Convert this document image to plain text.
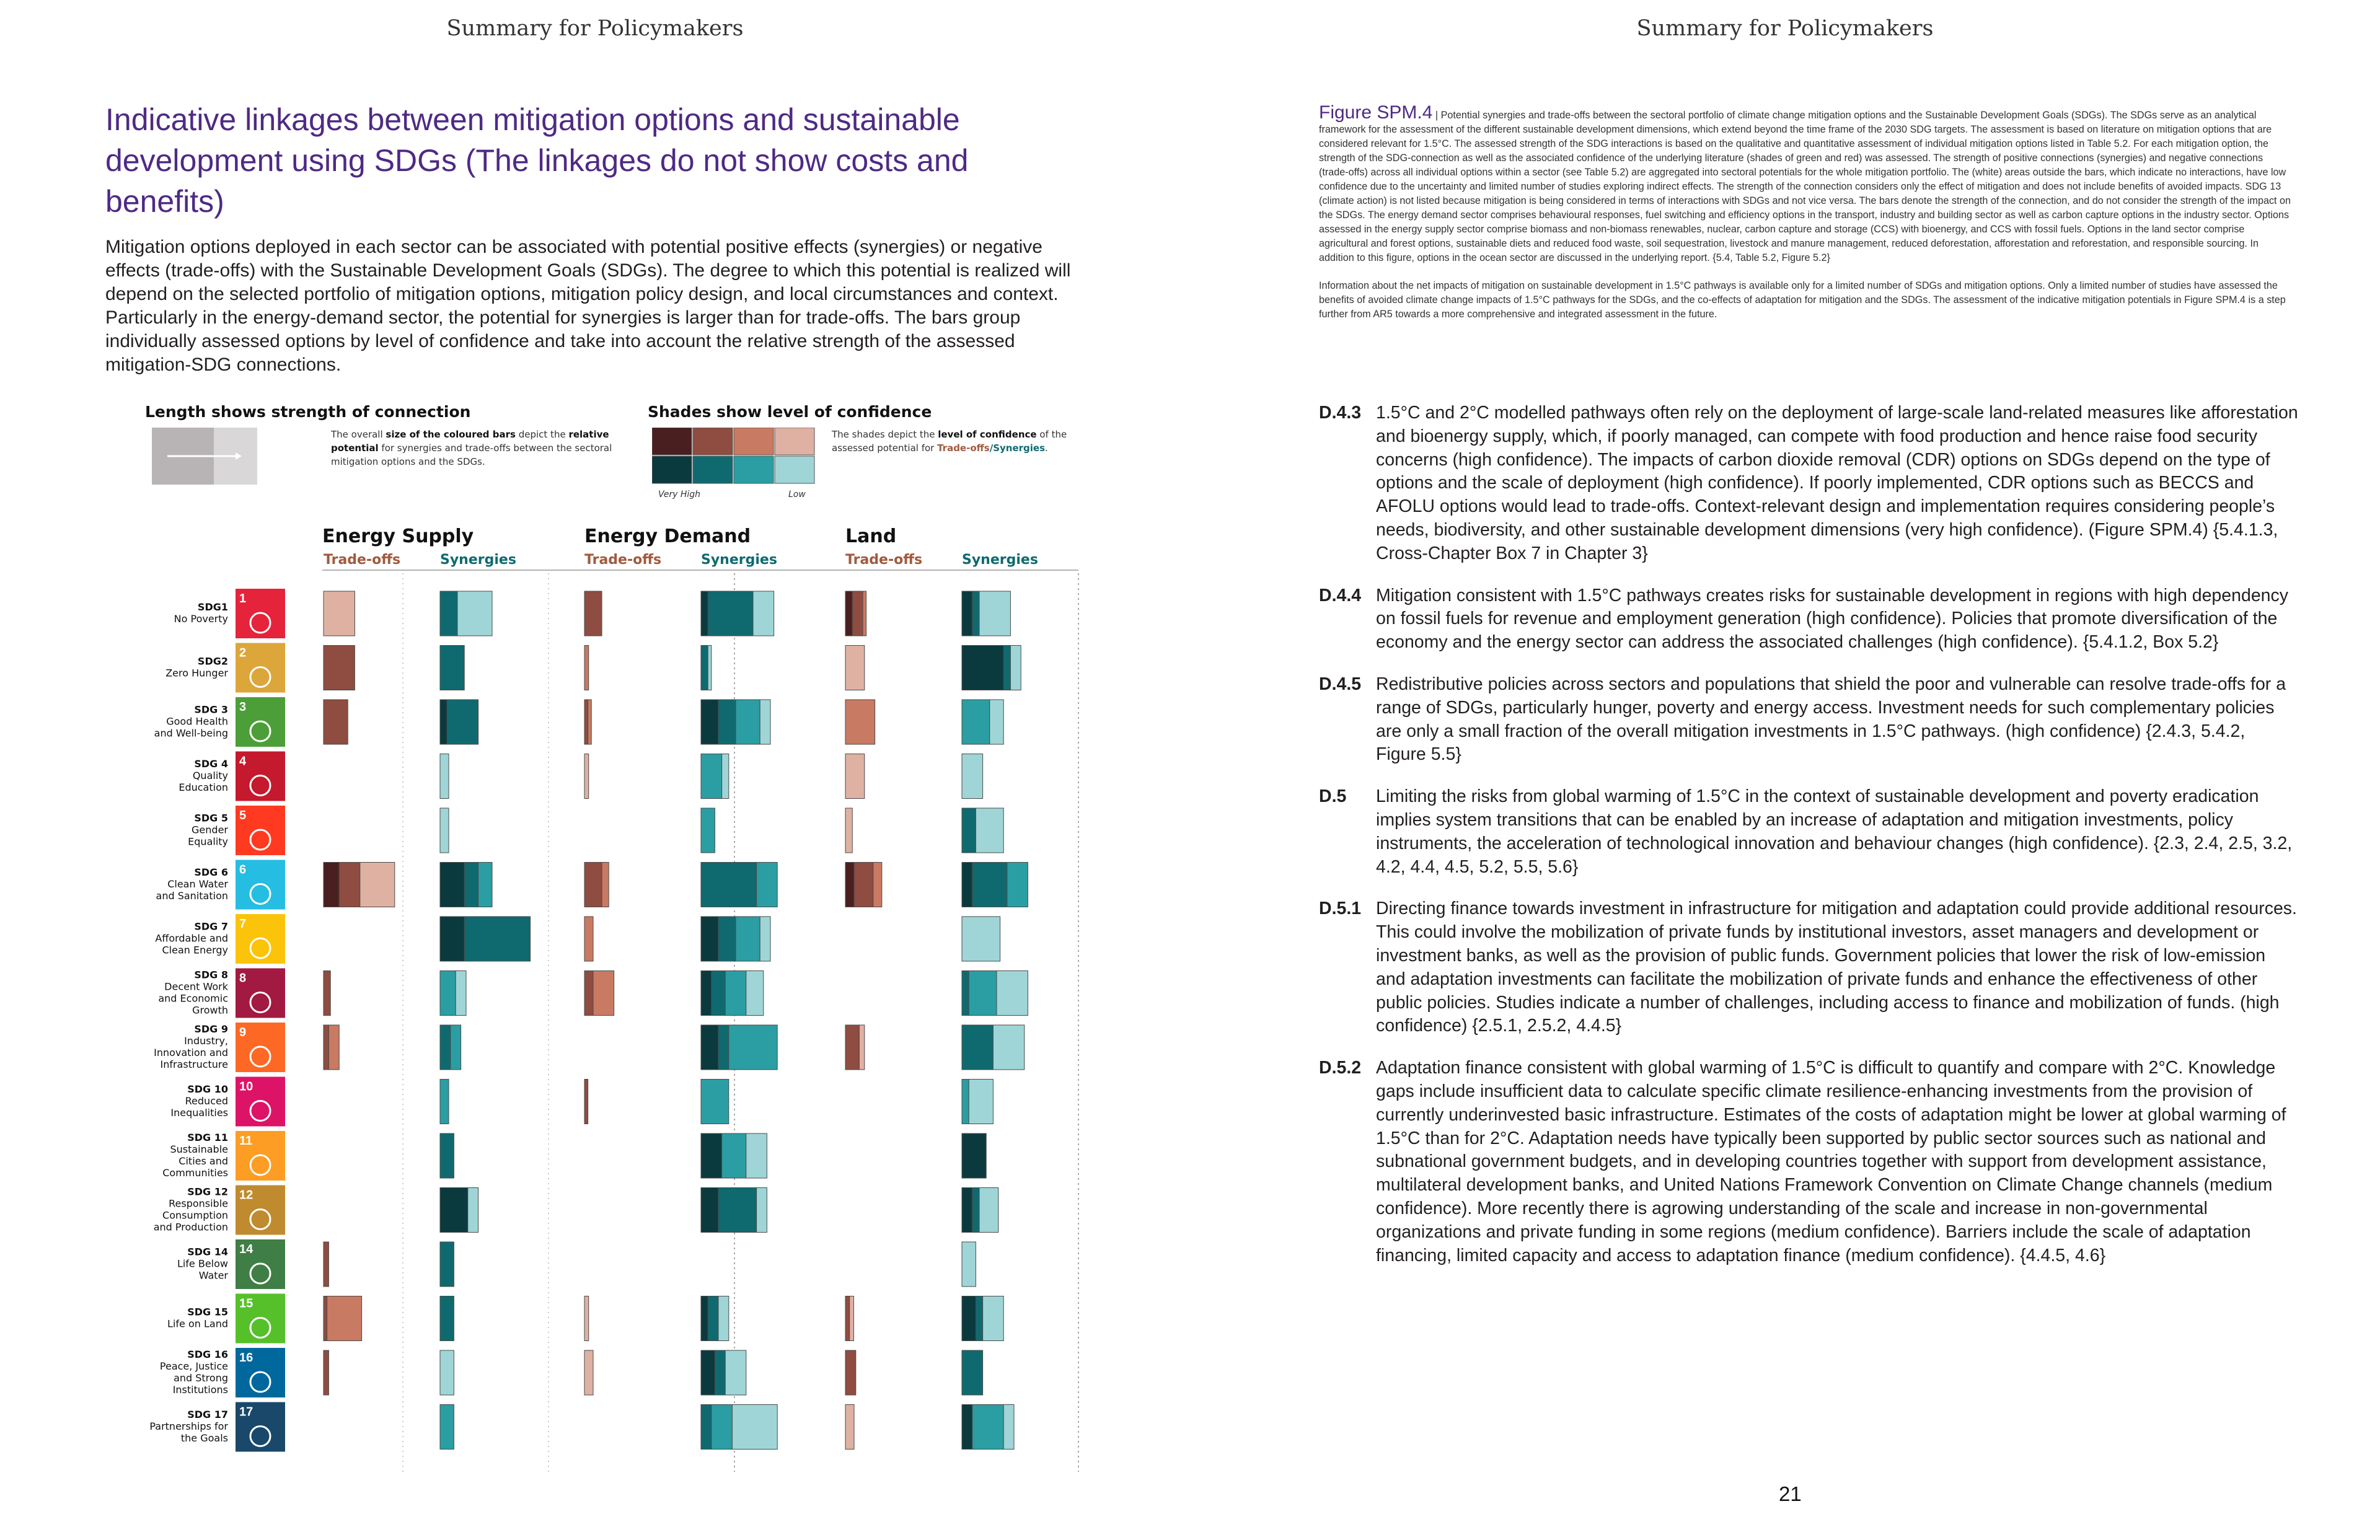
Summary for Policymakers
Indicative linkages between mitigation options and sustainable development using SDGs (The linkages do not show costs and benefits)

Mitigation options deployed in each sector can be associated with potential positive effects (synergies) or negative effects (trade-offs) with the Sustainable Development Goals (SDGs). The degree to which this potential is realized will depend on the selected portfolio of mitigation options, mitigation policy design, and local circumstances and context. Particularly in the energy-demand sector, the potential for synergies is larger than for trade-offs. The bars group individually assessed options by level of confidence and take into account the relative strength of the assessed mitigation-SDG connections.

Length shows strength of connection
The overall size of the coloured bars depict the relative potential for synergies and trade-offs between the sectoral mitigation options and the SDGs.
Shades show level of confidence
The shades depict the level of confidence of the assessed potential for Trade-offs/Synergies.
Very High	Low
Energy Supply
Trade-offs	Synergies
Energy Demand
Trade-offs	Synergies
Land
Trade-offs	Synergies
1
SDG1
No Poverty
2
SDG2
Zero Hunger
3
SDG 3
Good Health
and Well-being
4
SDG 4
Quality
Education
5
SDG 5
Gender
Equality
6
SDG 6
Clean Water
and Sanitation
7
SDG 7
Affordable and
Clean Energy
8
SDG 8
Decent Work
and Economic
Growth
9
SDG 9
Industry,
Innovation and
Infrastructure
10
SDG 10
Reduced
Inequalities
11
SDG 11
Sustainable
Cities and
Communities
12
SDG 12
Responsible
Consumption
and Production
14
SDG 14
Life Below
Water
15
SDG 15
Life on Land
16
SDG 16
Peace, Justice
and Strong
Institutions
17
SDG 17
Partnerships for
the Goals
Summary for Policymakers

Figure SPM.4 | Potential synergies and trade-offs between the sectoral portfolio of climate change mitigation options and the Sustainable Development Goals (SDGs). The SDGs serve as an analytical framework for the assessment of the different sustainable development dimensions, which extend beyond the time frame of the 2030 SDG targets. The assessment is based on literature on mitigation options that are considered relevant for 1.5°C. The assessed strength of the SDG interactions is based on the qualitative and quantitative assessment of individual mitigation options listed in Table 5.2. For each mitigation option, the strength of the SDG-connection as well as the associated confidence of the underlying literature (shades of green and red) was assessed. The strength of positive connections (synergies) and negative connections (trade-offs) across all individual options within a sector (see Table 5.2) are aggregated into sectoral potentials for the whole mitigation portfolio. The (white) areas outside the bars, which indicate no interactions, have low confidence due to the uncertainty and limited number of studies exploring indirect effects. The strength of the connection considers only the effect of mitigation and does not include benefits of avoided impacts. SDG 13 (climate action) is not listed because mitigation is being considered in terms of interactions with SDGs and not vice versa. The bars denote the strength of the connection, and do not consider the strength of the impact on the SDGs. The energy demand sector comprises behavioural responses, fuel switching and efficiency options in the transport, industry and building sector as well as carbon capture options in the industry sector. Options assessed in the energy supply sector comprise biomass and non-biomass renewables, nuclear, carbon capture and storage (CCS) with bioenergy, and CCS with fossil fuels. Options in the land sector comprise agricultural and forest options, sustainable diets and reduced food waste, soil sequestration, livestock and manure management, reduced deforestation, afforestation and reforestation, and responsible sourcing. In addition to this figure, options in the ocean sector are discussed in the underlying report. {5.4, Table 5.2, Figure 5.2}

Information about the net impacts of mitigation on sustainable development in 1.5°C pathways is available only for a limited number of SDGs and mitigation options. Only a limited number of studies have assessed the benefits of avoided climate change impacts of 1.5°C pathways for the SDGs, and the co-effects of adaptation for mitigation and the SDGs. The assessment of the indicative mitigation potentials in Figure SPM.4 is a step further from AR5 towards a more comprehensive and integrated assessment in the future.

D.4.3 1.5°C and 2°C modelled pathways often rely on the deployment of large-scale land-related measures like afforestation and bioenergy supply, which, if poorly managed, can compete with food production and hence raise food security concerns (high confidence). The impacts of carbon dioxide removal (CDR) options on SDGs depend on the type of options and the scale of deployment (high confidence). If poorly implemented, CDR options such as BECCS and AFOLU options would lead to trade-offs. Context-relevant design and implementation requires considering people’s needs, biodiversity, and other sustainable development dimensions (very high confidence). (Figure SPM.4) {5.4.1.3, Cross-Chapter Box 7 in Chapter 3}
D.4.4 Mitigation consistent with 1.5°C pathways creates risks for sustainable development in regions with high dependency on fossil fuels for revenue and employment generation (high confidence). Policies that promote diversification of the economy and the energy sector can address the associated challenges (high confidence). {5.4.1.2, Box 5.2}
D.4.5 Redistributive policies across sectors and populations that shield the poor and vulnerable can resolve trade-offs for a range of SDGs, particularly hunger, poverty and energy access. Investment needs for such complementary policies are only a small fraction of the overall mitigation investments in 1.5°C pathways. (high confidence) {2.4.3, 5.4.2, Figure 5.5}
D.5 Limiting the risks from global warming of 1.5°C in the context of sustainable development and poverty eradication implies system transitions that can be enabled by an increase of adaptation and mitigation investments, policy instruments, the acceleration of technological innovation and behaviour changes (high confidence). {2.3, 2.4, 2.5, 3.2, 4.2, 4.4, 4.5, 5.2, 5.5, 5.6}
D.5.1 Directing finance towards investment in infrastructure for mitigation and adaptation could provide additional resources. This could involve the mobilization of private funds by institutional investors, asset managers and development or investment banks, as well as the provision of public funds. Government policies that lower the risk of low-emission and adaptation investments can facilitate the mobilization of private funds and enhance the effectiveness of other public policies. Studies indicate a number of challenges, including access to finance and mobilization of funds. (high confidence) {2.5.1, 2.5.2, 4.4.5}
D.5.2 Adaptation finance consistent with global warming of 1.5°C is difficult to quantify and compare with 2°C. Knowledge gaps include insufficient data to calculate specific climate resilience-enhancing investments from the provision of currently underinvested basic infrastructure. Estimates of the costs of adaptation might be lower at global warming of 1.5°C than for 2°C. Adaptation needs have typically been supported by public sector sources such as national and subnational government budgets, and in developing countries together with support from development assistance, multilateral development banks, and United Nations Framework Convention on Climate Change channels (medium confidence). More recently there is agrowing understanding of the scale and increase in non-governmental organizations and private funding in some regions (medium confidence). Barriers include the scale of adaptation financing, limited capacity and access to adaptation finance (medium confidence). {4.4.5, 4.6}
21
